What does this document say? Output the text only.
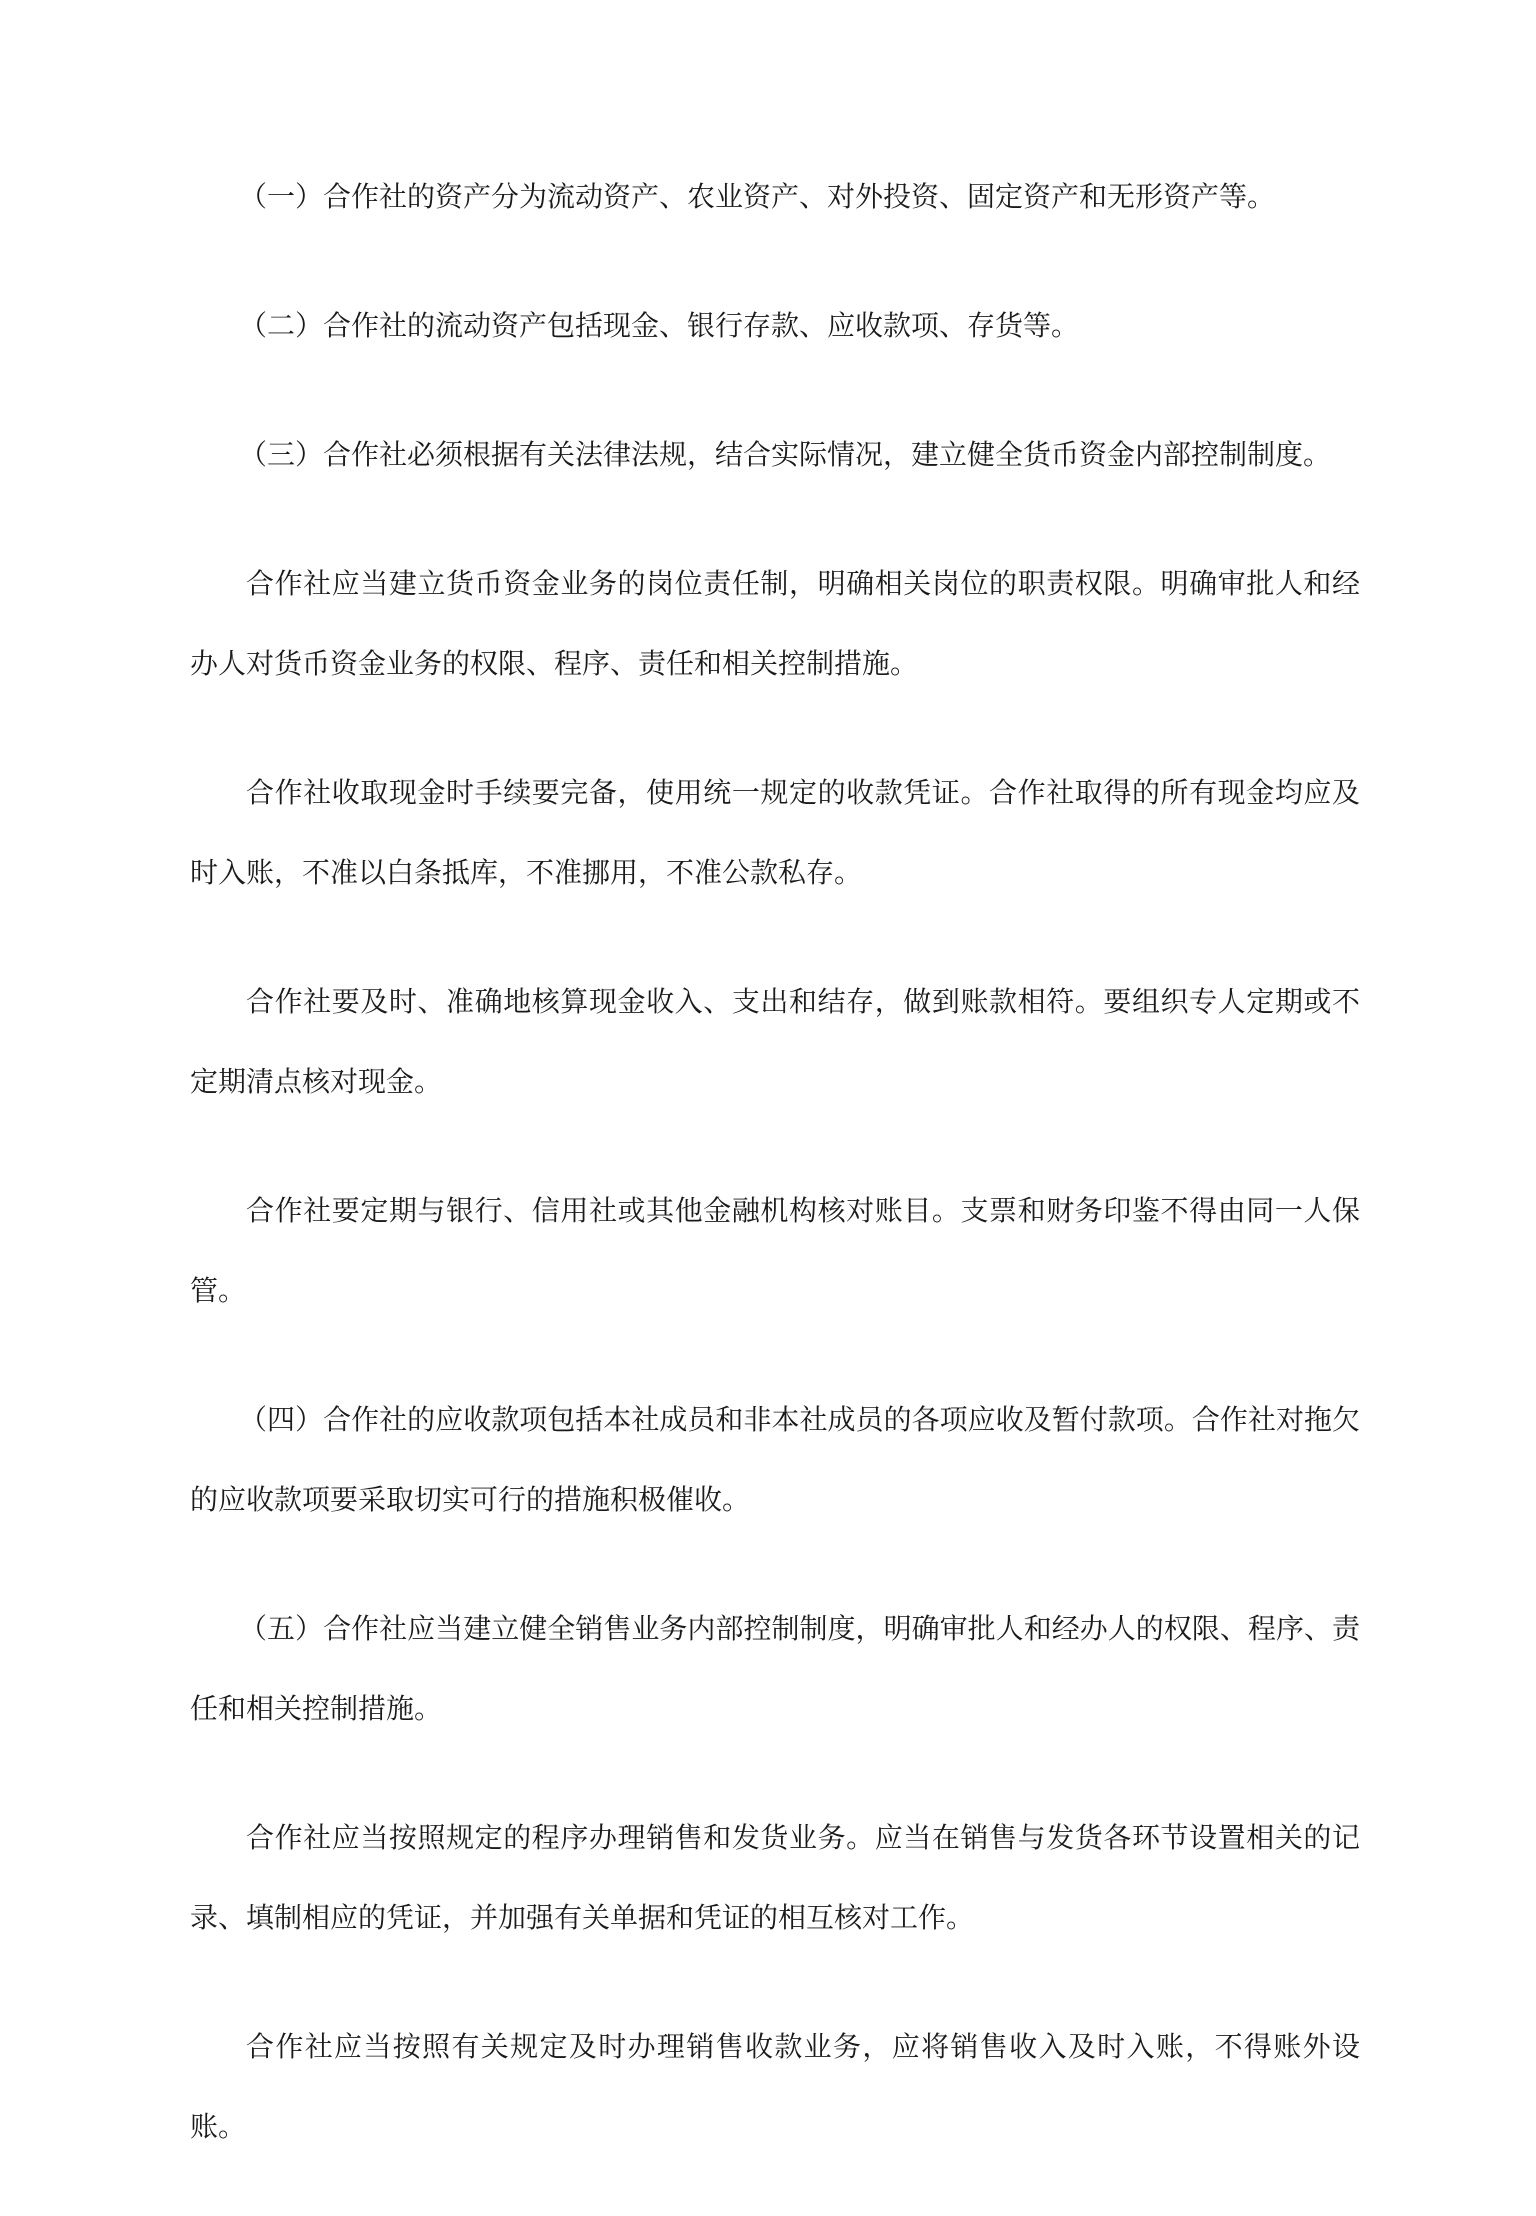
（一）合作社的资产分为流动资产、农业资产、对外投资、固定资产和无形资产等。
（二）合作社的流动资产包括现金、银行存款、应收款项、存货等。
（三）合作社必须根据有关法律法规，结合实际情况，建立健全货币资金内部控制制度。
合作社应当建立货币资金业务的岗位责任制，明确相关岗位的职责权限。明确审批人和经办人对货币资金业务的权限、程序、责任和相关控制措施。
合作社收取现金时手续要完备，使用统一规定的收款凭证。合作社取得的所有现金均应及时入账，不准以白条抵库，不准挪用，不准公款私存。
合作社要及时、准确地核算现金收入、支出和结存，做到账款相符。要组织专人定期或不定期清点核对现金。
合作社要定期与银行、信用社或其他金融机构核对账目。支票和财务印鉴不得由同一人保管。
（四）合作社的应收款项包括本社成员和非本社成员的各项应收及暂付款项。合作社对拖欠的应收款项要采取切实可行的措施积极催收。
（五）合作社应当建立健全销售业务内部控制制度，明确审批人和经办人的权限、程序、责任和相关控制措施。
合作社应当按照规定的程序办理销售和发货业务。应当在销售与发货各环节设置相关的记录、填制相应的凭证，并加强有关单据和凭证的相互核对工作。
合作社应当按照有关规定及时办理销售收款业务，应将销售收入及时入账，不得账外设账。
